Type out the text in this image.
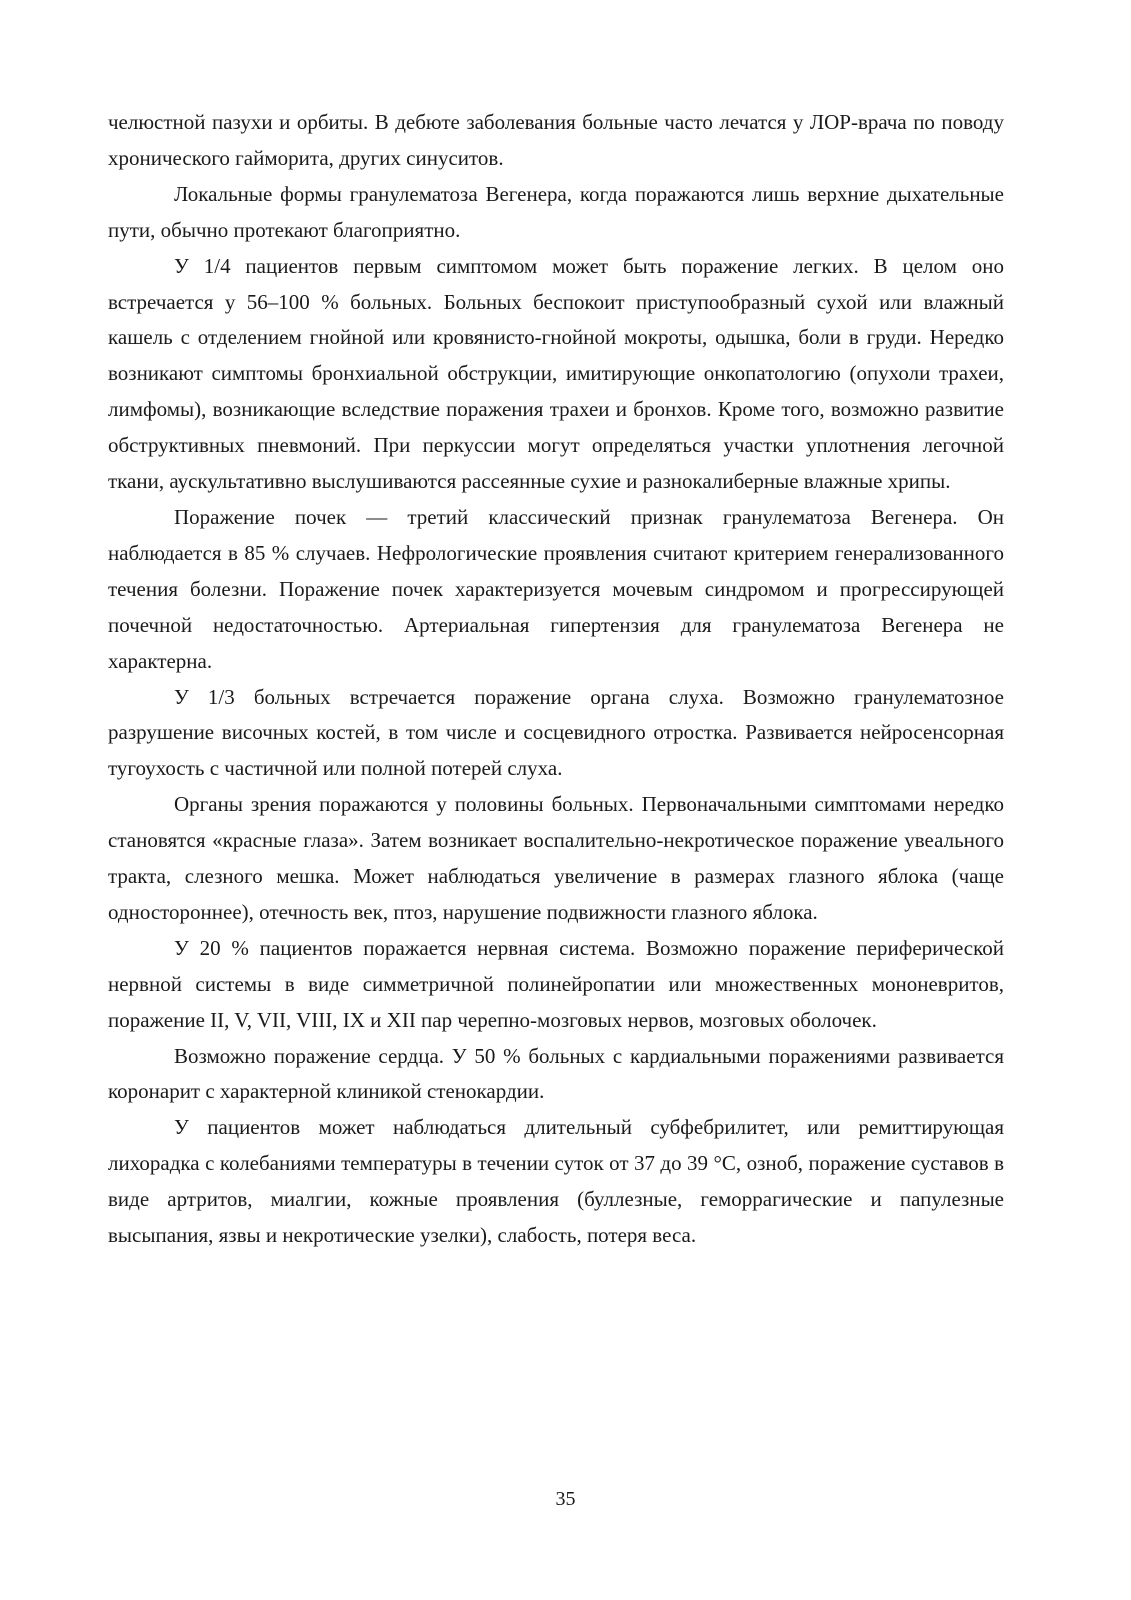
челюстной пазухи и орбиты. В дебюте заболевания больные часто лечатся у ЛОР-врача по поводу хронического гайморита, других синуситов.

Локальные формы гранулематоза Вегенера, когда поражаются лишь верхние дыхательные пути, обычно протекают благоприятно.

У 1/4 пациентов первым симптомом может быть поражение легких. В целом оно встречается у 56–100 % больных. Больных беспокоит приступообразный сухой или влажный кашель с отделением гнойной или кровянисто-гнойной мокроты, одышка, боли в груди. Нередко возникают симптомы бронхиальной обструкции, имитирующие онкопатологию (опухоли трахеи, лимфомы), возникающие вследствие поражения трахеи и бронхов. Кроме того, возможно развитие обструктивных пневмоний. При перкуссии могут определяться участки уплотнения легочной ткани, аускультативно выслушиваются рассеянные сухие и разнокалиберные влажные хрипы.

Поражение почек — третий классический признак гранулематоза Вегенера. Он наблюдается в 85 % случаев. Нефрологические проявления считают критерием генерализованного течения болезни. Поражение почек характеризуется мочевым синдромом и прогрессирующей почечной недостаточностью. Артериальная гипертензия для гранулематоза Вегенера не характерна.

У 1/3 больных встречается поражение органа слуха. Возможно гранулематозное разрушение височных костей, в том числе и сосцевидного отростка. Развивается нейросенсорная тугоухость с частичной или полной потерей слуха.

Органы зрения поражаются у половины больных. Первоначальными симптомами нередко становятся «красные глаза». Затем возникает воспалительно-некротическое поражение увеального тракта, слезного мешка. Может наблюдаться увеличение в размерах глазного яблока (чаще одностороннее), отечность век, птоз, нарушение подвижности глазного яблока.

У 20 % пациентов поражается нервная система. Возможно поражение периферической нервной системы в виде симметричной полинейропатии или множественных мононевритов, поражение II, V, VII, VIII, IX и XII пар черепно-мозговых нервов, мозговых оболочек.

Возможно поражение сердца. У 50 % больных с кардиальными поражениями развивается коронарит с характерной клиникой стенокардии.

У пациентов может наблюдаться длительный субфебрилитет, или ремиттирующая лихорадка с колебаниями температуры в течении суток от 37 до 39 °С, озноб, поражение суставов в виде артритов, миалгии, кожные проявления (буллезные, геморрагические и папулезные высыпания, язвы и некротические узелки), слабость, потеря веса.

35
